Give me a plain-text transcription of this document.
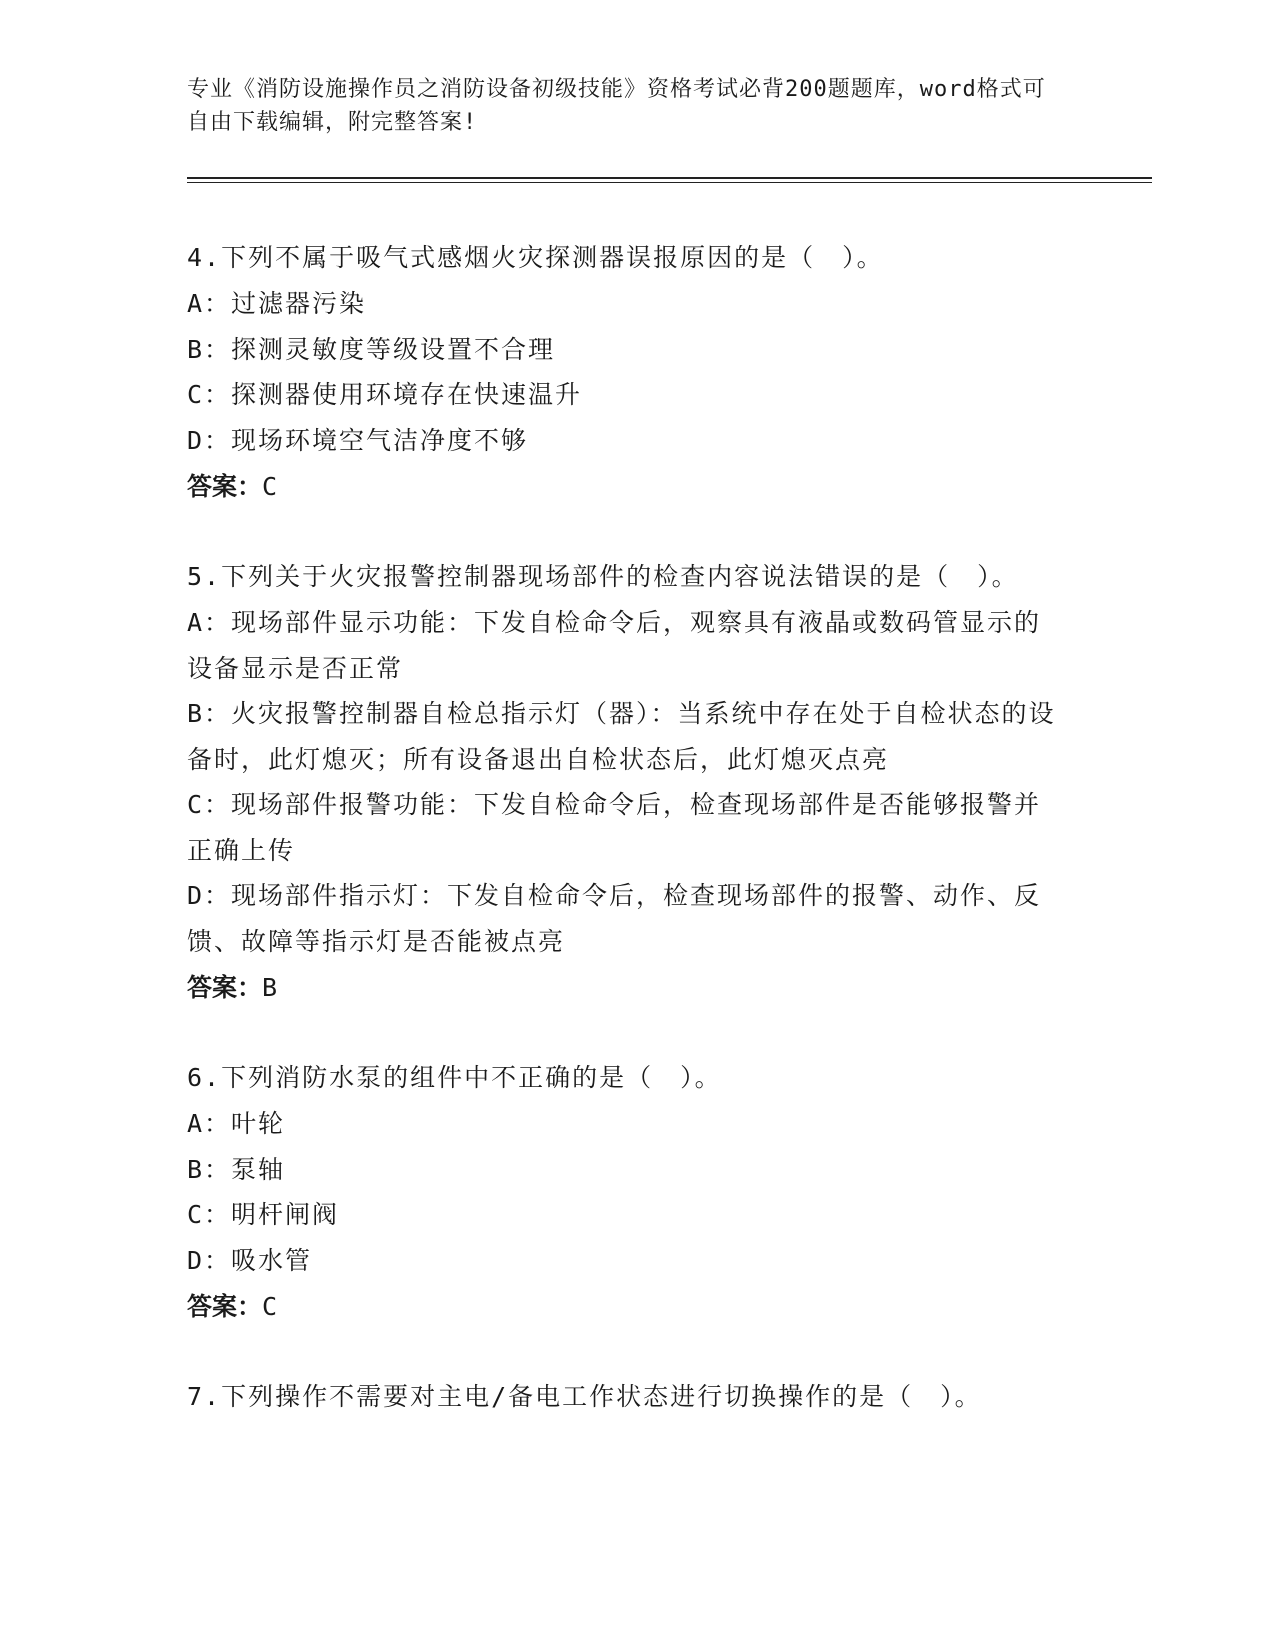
专业《消防设施操作员之消防设备初级技能》资格考试必背200题题库，word格式可自由下载编辑，附完整答案!
4.下列不属于吸气式感烟火灾探测器误报原因的是（　）。
A：过滤器污染
B：探测灵敏度等级设置不合理
C：探测器使用环境存在快速温升
D：现场环境空气洁净度不够
答案：C
5.下列关于火灾报警控制器现场部件的检查内容说法错误的是（　）。
A：现场部件显示功能：下发自检命令后，观察具有液晶或数码管显示的设备显示是否正常
B：火灾报警控制器自检总指示灯（器）：当系统中存在处于自检状态的设备时，此灯熄灭；所有设备退出自检状态后，此灯熄灭点亮
C：现场部件报警功能：下发自检命令后，检查现场部件是否能够报警并正确上传
D：现场部件指示灯：下发自检命令后，检查现场部件的报警、动作、反馈、故障等指示灯是否能被点亮
答案：B
6.下列消防水泵的组件中不正确的是（　）。
A：叶轮
B：泵轴
C：明杆闸阀
D：吸水管
答案：C
7.下列操作不需要对主电/备电工作状态进行切换操作的是（　）。
